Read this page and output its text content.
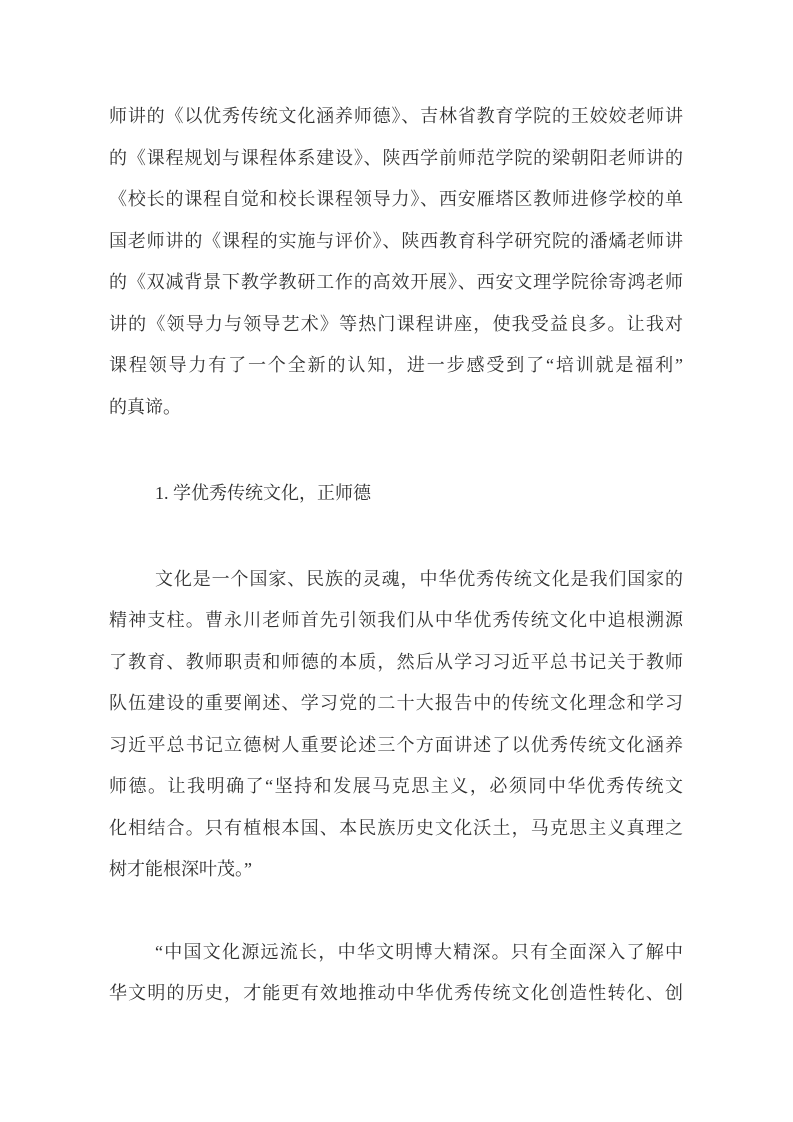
师讲的《以优秀传统文化涵养师德》、吉林省教育学院的王姣姣老师讲
的《课程规划与课程体系建设》、陕西学前师范学院的梁朝阳老师讲的
《校长的课程自觉和校长课程领导力》、西安雁塔区教师进修学校的单
国老师讲的《课程的实施与评价》、陕西教育科学研究院的潘燏老师讲
的《双减背景下教学教研工作的高效开展》、西安文理学院徐寄鸿老师
讲的《领导力与领导艺术》等热门课程讲座，使我受益良多。让我对
课程领导力有了一个全新的认知，进一步感受到了“培训就是福利”
的真谛。
1. 学优秀传统文化，正师德
文化是一个国家、民族的灵魂，中华优秀传统文化是我们国家的
精神支柱。曹永川老师首先引领我们从中华优秀传统文化中追根溯源
了教育、教师职责和师德的本质，然后从学习习近平总书记关于教师
队伍建设的重要阐述、学习党的二十大报告中的传统文化理念和学习
习近平总书记立德树人重要论述三个方面讲述了以优秀传统文化涵养
师德。让我明确了“坚持和发展马克思主义，必须同中华优秀传统文
化相结合。只有植根本国、本民族历史文化沃土，马克思主义真理之
树才能根深叶茂。”
“中国文化源远流长，中华文明博大精深。只有全面深入了解中
华文明的历史，才能更有效地推动中华优秀传统文化创造性转化、创
